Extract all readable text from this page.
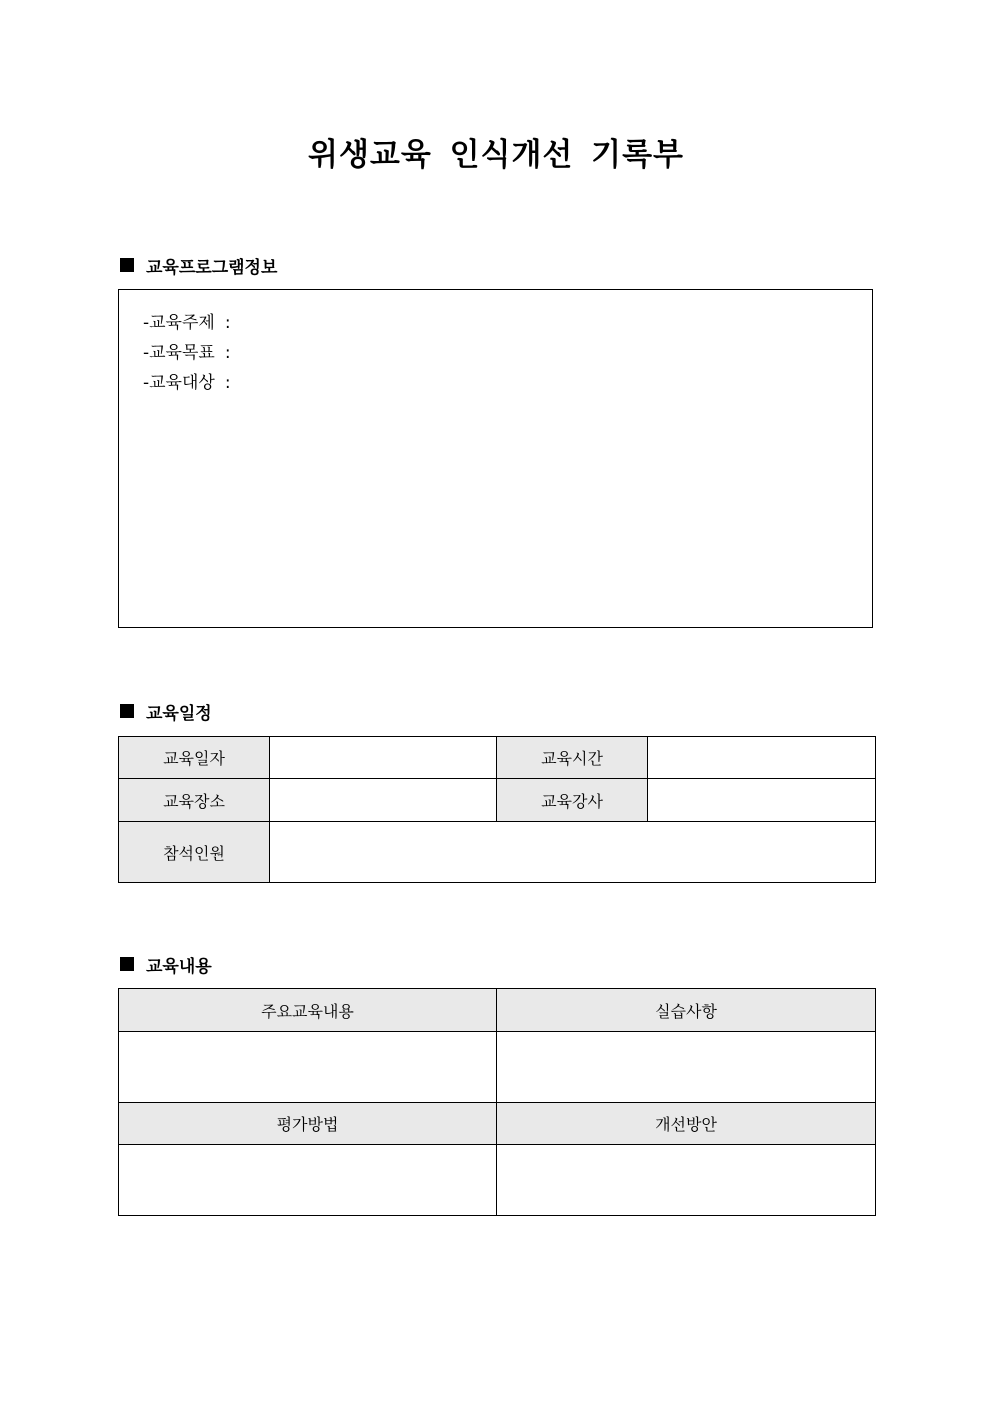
위생교육 인식개선 기록부
교육프로그램정보
-교육주제 :
-교육목표 :
-교육대상 :
교육일정
교육일자		교육시간	
교육장소		교육강사	
참석인원			
교육내용
주요교육내용	실습사항

평가방법	개선방안
